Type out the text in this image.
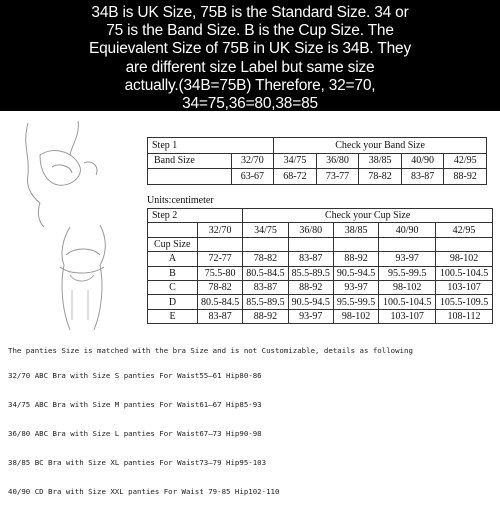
34B is UK Size, 75B is the Standard Size. 34 or
75 is the Band Size. B is the Cup Size. The
Equievalent Size of 75B in UK Size is 34B. They
are different size Label but same size
actually.(34B=75B) Therefore, 32=70,
34=75,36=80,38=85
Step 1		Check your Band Size				
Band Size	32/70	34/75	36/80	38/85	40/90	42/95
	63-67	68-72	73-77	78-82	83-87	88-92
Units:centimeter
Step 2		Check your Cup Size				
	32/70	34/75	36/80	38/85	40/90	42/95
Cup Size						
A	72-77	78-82	83-87	88-92	93-97	98-102
B	75.5-80	80.5-84.5	85.5-89.5	90.5-94.5	95.5-99.5	100.5-104.5
C	78-82	83-87	88-92	93-97	98-102	103-107
D	80.5-84.5	85.5-89.5	90.5-94.5	95.5-99.5	100.5-104.5	105.5-109.5
E	83-87	88-92	93-97	98-102	103-107	108-112
The panties Size is matched with the bra Size and is not Customizable, details as following
32/70 ABC Bra with Size S panties For Waist55—61 Hip80-86
34/75 ABC Bra with Size M panties For Waist61—67 Hip85-93
36/80 ABC Bra with Size L panties For Waist67—73 Hip90-98
38/85 BC Bra with Size XL panties For Waist73—79 Hip95-103
40/90 CD Bra with Size XXL panties For Waist 79-85 Hip102-110
